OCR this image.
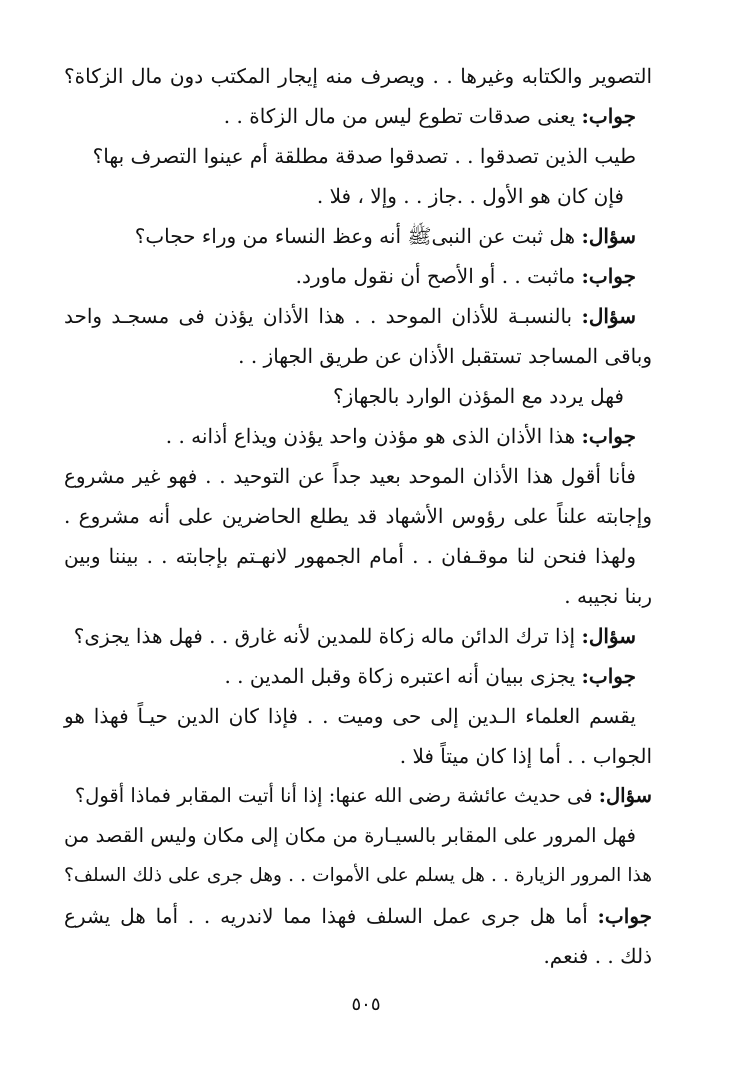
التصوير والكتابه وغيرها . . ويصرف منه إيجار المكتب دون مال الزكاة؟
جواب: يعنى صدقات تطوع ليس من مال الزكاة . .
طيب الذين تصدقوا . . تصدقوا صدقة مطلقة أم عينوا التصرف بها؟
فإن كان هو الأول . .جاز . . وإلا ، فلا .
سؤال: هل ثبت عن النبىﷺ أنه وعظ النساء من وراء حجاب؟
جواب: ماثبت . . أو الأصح أن نقول ماورد.
سؤال: بالنسبـة للأذان الموحد . . هذا الأذان يؤذن فى مسجـد واحد
وباقى المساجد تستقبل الأذان عن طريق الجهاز . .
فهل يردد مع المؤذن الوارد بالجهاز؟
جواب: هذا الأذان الذى هو مؤذن واحد يؤذن ويذاع أذانه . .
فأنا أقول هذا الأذان الموحد بعيد جداً عن التوحيد . . فهو غير مشروع
وإجابته علناً على رؤوس الأشهاد قد يطلع الحاضرين على أنه مشروع .
ولهذا فنحن لنا موقـفان . . أمام الجمهور لانهـتم بإجابته . . بيننا وبين
ربنا نجيبه .
سؤال: إذا ترك الدائن ماله زكاة للمدين لأنه غارق . . فهل هذا يجزى؟
جواب: يجزى ببيان أنه اعتبره زكاة وقبل المدين . .
يقسم العلماء الـدين إلى حى وميت . . فإذا كان الدين حيـاً فهذا هو
الجواب . . أما إذا كان ميتاً فلا .
سؤال: فى حديث عائشة رضى الله عنها: إذا أنا أتيت المقابر فماذا أقول؟
فهل المرور على المقابر بالسيـارة من مكان إلى مكان وليس القصد من
هذا المرور الزيارة . . هل يسلم على الأموات . . وهل جرى على ذلك السلف؟
جواب: أما هل جرى عمل السلف فهذا مما لاندريه . . أما هل يشرع
ذلك . . فنعم.
٥٠٥
